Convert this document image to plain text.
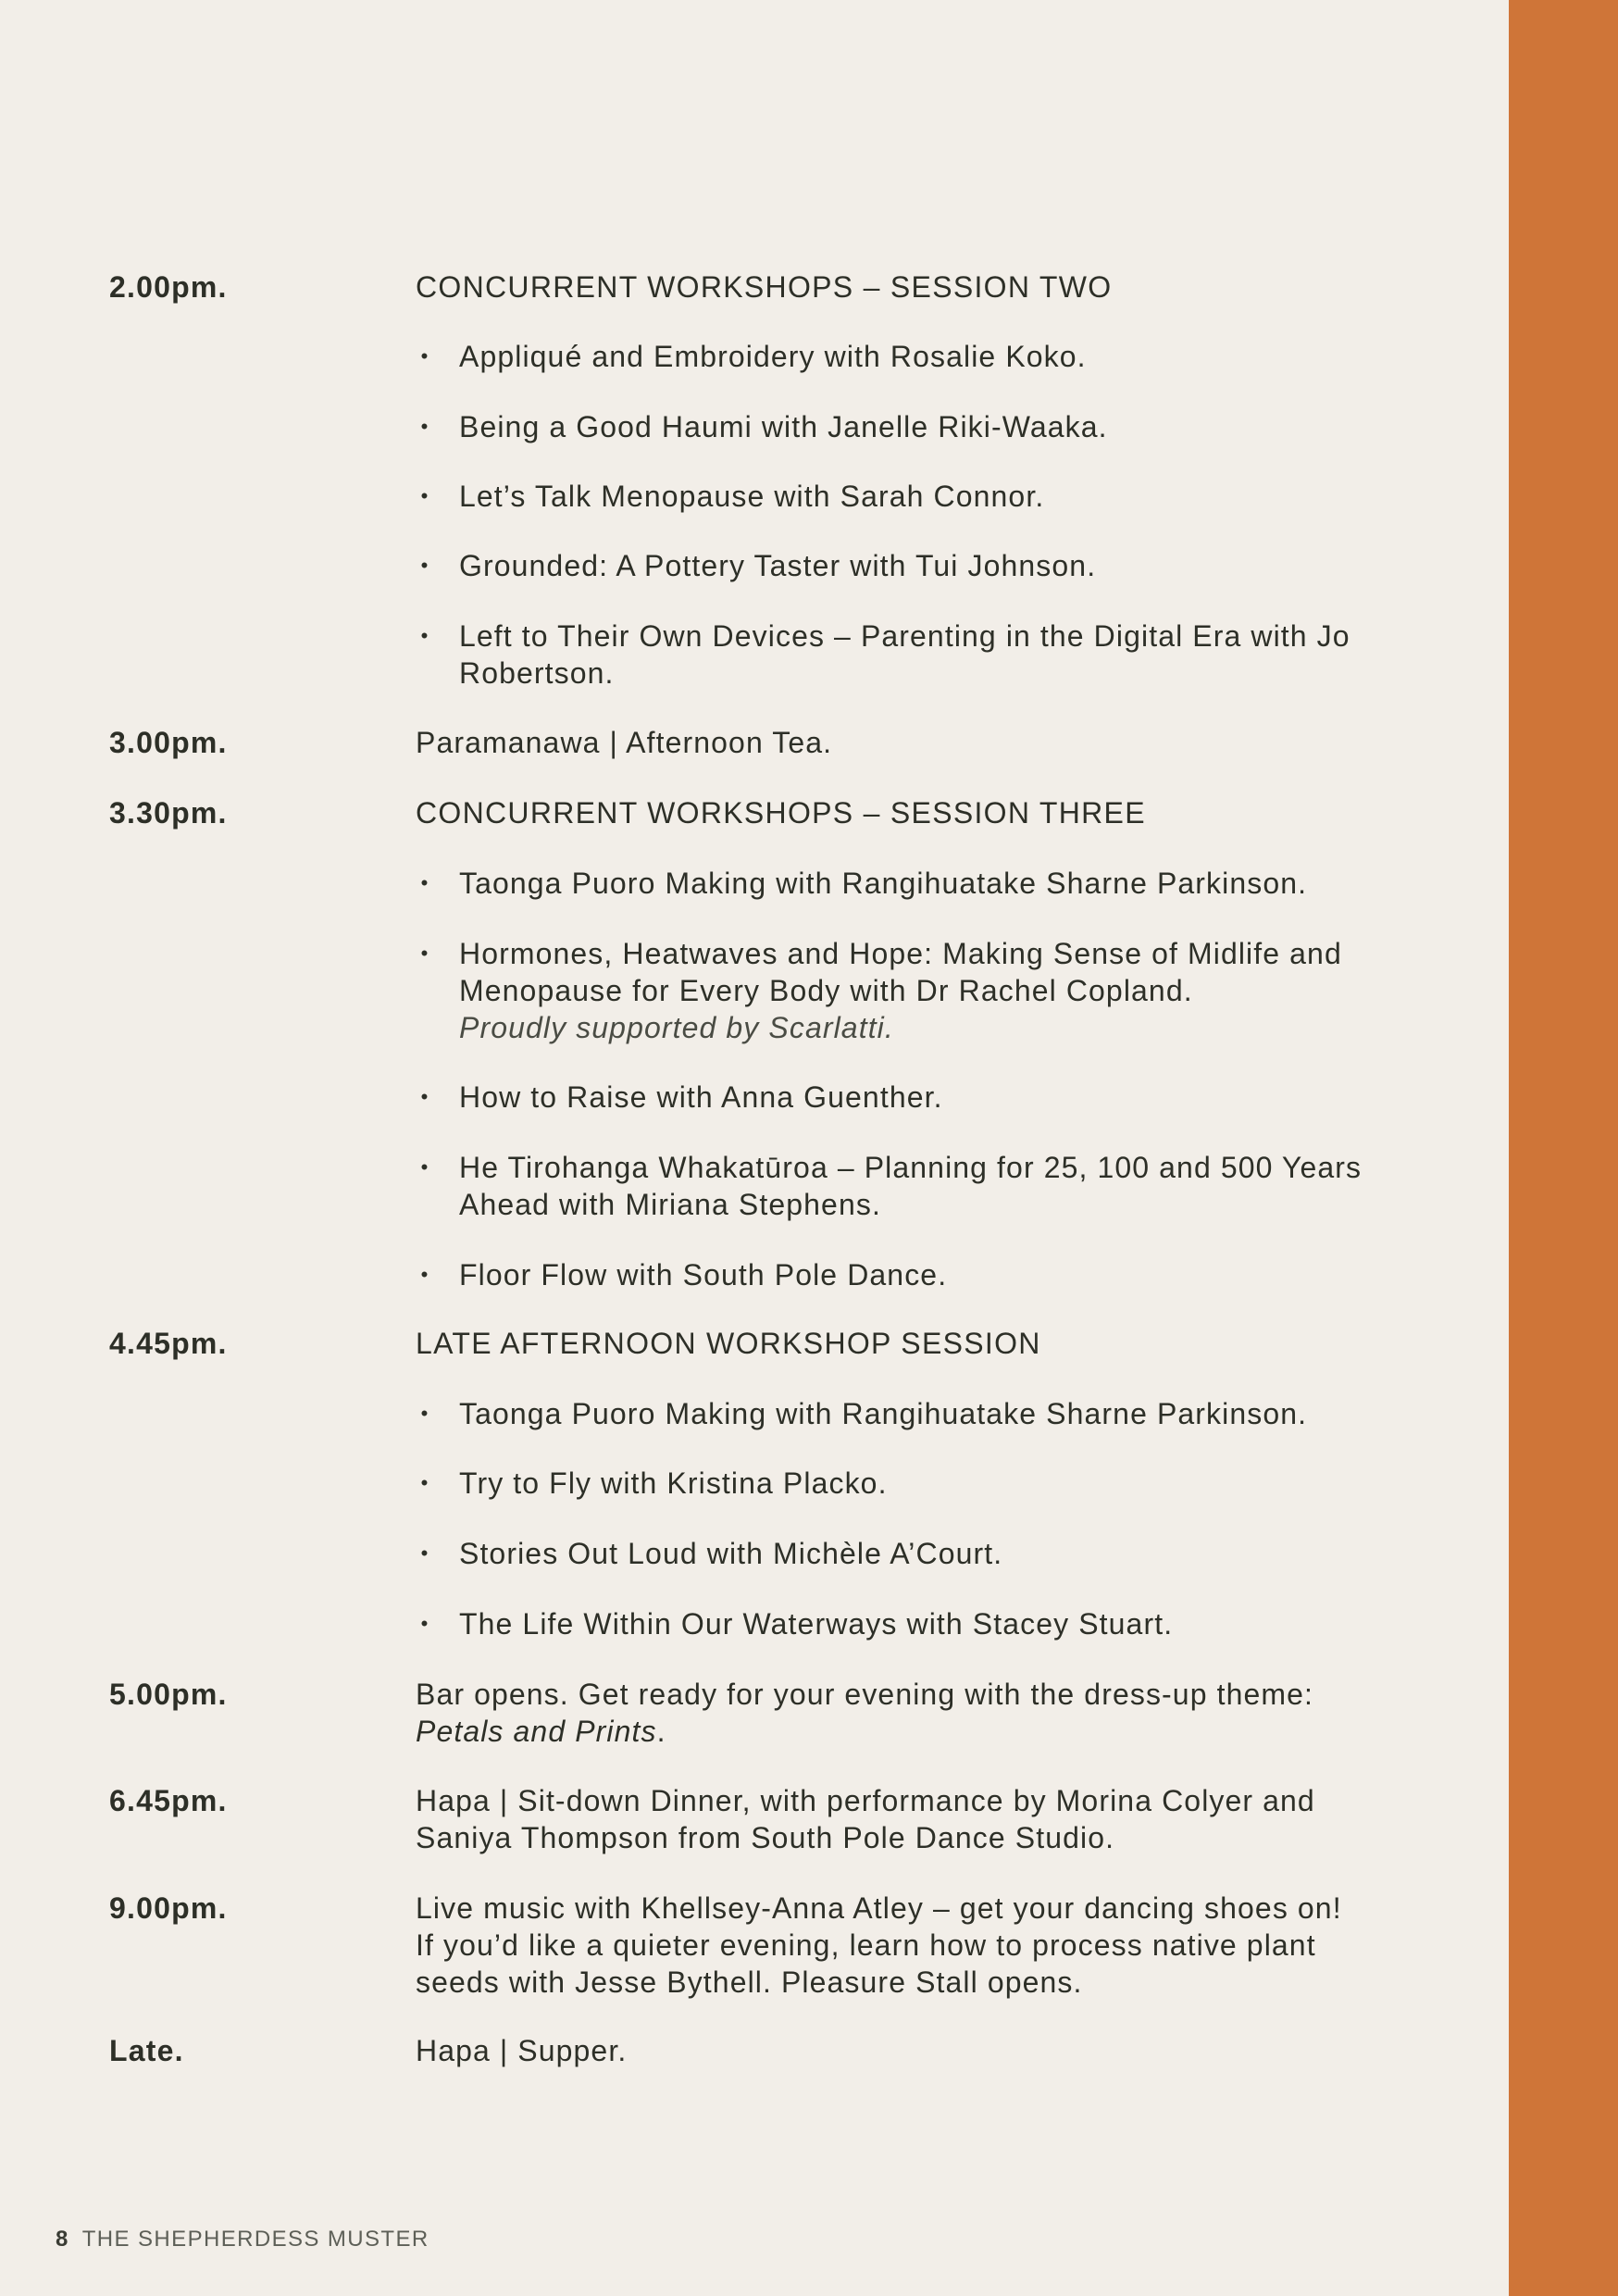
2.00pm.	CONCURRENT WORKSHOPS – SESSION TWO
• Appliqué and Embroidery with Rosalie Koko.
• Being a Good Haumi with Janelle Riki-Waaka.
• Let’s Talk Menopause with Sarah Connor.
• Grounded: A Pottery Taster with Tui Johnson.
• Left to Their Own Devices – Parenting in the Digital Era with Jo Robertson.
3.00pm.	Paramanawa | Afternoon Tea.
3.30pm.	CONCURRENT WORKSHOPS – SESSION THREE
• Taonga Puoro Making with Rangihuatake Sharne Parkinson.
• Hormones, Heatwaves and Hope: Making Sense of Midlife and Menopause for Every Body with Dr Rachel Copland.
Proudly supported by Scarlatti.
• How to Raise with Anna Guenther.
• He Tirohanga Whakatūroa – Planning for 25, 100 and 500 Years Ahead with Miriana Stephens.
• Floor Flow with South Pole Dance.
4.45pm.	LATE AFTERNOON WORKSHOP SESSION
• Taonga Puoro Making with Rangihuatake Sharne Parkinson.
• Try to Fly with Kristina Placko.
• Stories Out Loud with Michèle A’Court.
• The Life Within Our Waterways with Stacey Stuart.
5.00pm.	Bar opens. Get ready for your evening with the dress-up theme:
Petals and Prints.
6.45pm.	Hapa | Sit-down Dinner, with performance by Morina Colyer and Saniya Thompson from South Pole Dance Studio.
9.00pm.	Live music with Khellsey-Anna Atley – get your dancing shoes on! If you’d like a quieter evening, learn how to process native plant seeds with Jesse Bythell. Pleasure Stall opens.
Late.	Hapa | Supper.
8 THE SHEPHERDESS MUSTER
